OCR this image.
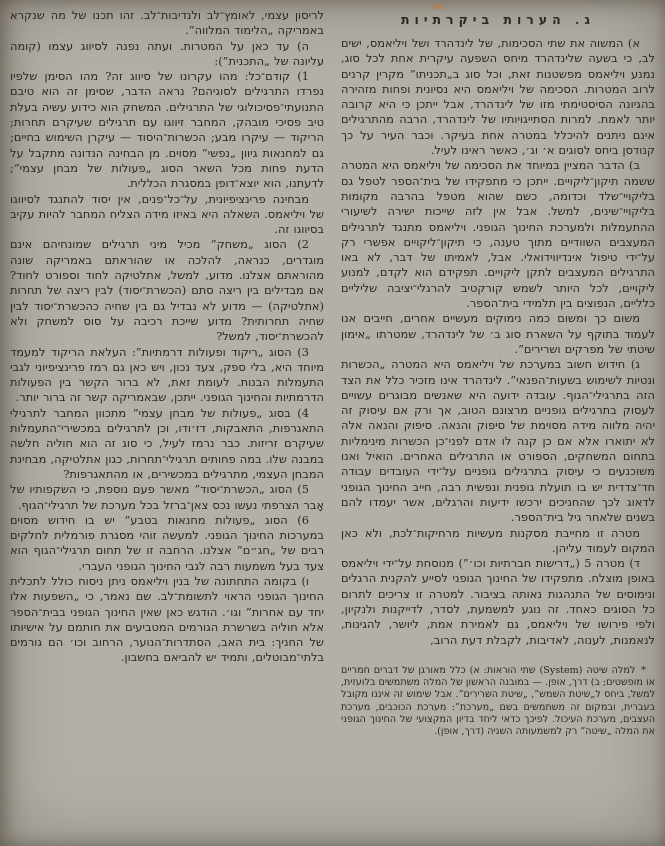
ג. הערות ביקרתיות

א) המשוה את שתי הסכימות, של לינדהרד ושל ויליאמס, ישים לב, כי בשעה שלינדהרד מיחס השפעה עיקרית אחת לכל סוג, נמנע ויליאמס מפשטנות זאת, וכל סוג ב„תכניתו” מקרין קרנים לרוב המטרות. הסכימה של ויליאמס היא נסיונית ופחות מזהירה בהגיונה הסיסטימתי מזו של לינדהרד, אבל ייתכן כי היא קרובה יותר לאמת. למרות הסתייגויותיו של לינדהרד, הרבה מהתרגילים אינם ניתנים להיכלל במטרה אחת בעיקר. וכבר העיר על כך קנודסן ביחס לסוגים א׳ וג׳, כאשר ראינו לעיל.

ב) הדבר המציין במיוחד את הסכימה של ויליאמס היא המטרה ששמה תיקון־ליקויים. ייתכן כי מתפקידו של בית־הספר לטפל גם בליקויי־שלד וכדומה, כשם שהוא מטפל בהרבה מקומות בליקויי־שינים, למשל. אבל אין לזה שייכות ישירה לשיעורי ההתעמלות ולמערכת החינוך הגופני. ויליאמס מתנגד לתרגילים המעצבים השוודיים מתוך טענה, כי תיקון־ליקויים אפשרי רק על־ידי טיפול אינדיווידואלי. אבל, לאמיתו של דבר, לא באו התרגילים המעצבים לתקן ליקויים. תפקידם הוא לקדם, למנוע ליקויים, לכל היותר לשמש קורקטיב להרגלי־יציבה שליליים כלליים, הנפוצים בין תלמידי בית־הספר.

משום כך ומשום כמה נימוקים מעשיים אחרים, חייבים אנו לעמוד בתוקף על השארת סוג ב׳ של לינדהרד, שמטרתו „אימון שיטתי של מפרקים ושרירים”.

ג) חידוש חשוב במערכת של ויליאמס היא המטרה „הכשרות ונטיות לשימוש בשעות־הפנאי”. לינדהרד אינו מזכיר כלל את הצד הזה בתרגילי־הגוף. עובדה ידועה היא שאנשים מבוגרים עשויים לעסוק בתרגילים גופניים מרצונם הטוב, אך ורק אם עיסוק זה יהיה מלווה מידה מסוימת של סיפוק והנאה. סיפוק והנאה אלה לא יתוארו אלא אם כן קנה לו אדם לפני־כן הכשרות מינימליות בתחום המשחקים, הספורט או התרגילים האחרים. הואיל ואנו משוכנעים כי עיסוק בתרגילים גופניים על־ידי העובדים עבודה חד־צדדית יש בו תועלת גופנית ונפשית רבה, חייב החינוך הגופני לדאוג לכך שהחניכים ירכשו ידיעות והרגלים, אשר יעמדו להם בשנים שלאחר גיל בית־הספר.

מטרה זו מחייבת מסקנות מעשיות מרחיקות־לכת, ולא כאן המקום לעמוד עליהן.

ד) מטרה 5 („דרישות חברתיות וכו׳”) מנוסחת על־ידי ויליאמס באופן מוצלח. מתפקידו של החינוך הגופני לסייע להקנית הרגלים ונימוסים של התנהגות נאותה בציבור. למטרה זו צריכים לתרום כל הסוגים כאחד. זה נוגע למשמעת, לסדר, לדייקנות ולנקיון, ולפי פירושו של ויליאמס, גם לאמירת אמת, ליושר, להגינות, לנאמנות, לענוה, לאדיבות, לקבלת דעת הרוב,

* למלה שיטה (System) שתי הוראות: א) כלל מאורגן של דברים חמריים או מופשטים; ב) דרך, אופן. — במובנה הראשון של המלה משתמשים בלועזית, למשל, ביחס ל„שיטת השמש”, „שיטת השרירים”. אבל שימוש זה איננו מקובל בעברית, ובמקום זה משתמשים בשם „מערכת”: מערכת הכוכבים, מערכת העצבים, מערכת העיכול. לפיכך כדאי ליחד בדיון המקצועי של החינוך הגופני את המלה „שיטה” רק למשמעותה השניה (דרך, אופן).

לריסון עצמי, לאומץ־לב ולנדיבות־לב. זהו תכנו של מה שנקרא באמריקה „הלימוד המלווה”.

ה) עד כאן על המטרות. ועתה נפנה לסיווג עצמו (קומה עליונה של „התכנית”):

1) קודם־כל: מהו עקרונו של סיווג זה? מהו הסימן שלפיו נפרדו התרגילים לסוגיהם? נראה הדבר, שסימן זה הוא טיבם התנועתי־פסיכולוגי של התרגילים. המשחק הוא כידוע עשיה בעלת טיב פסיכי מובהק, המחבר זיווגו עם תרגילים שעיקרם תחרות; הריקוד — עיקרו מבע; הכשרות־היסוד — עיקרן השימוש בחיים; גם למחנאות גיוון „נפשי” מסוים. מן הבחינה הנדונה מתקבל על הדעת פחות מכל השאר הסוג „פעולות של מבחן עצמי”; לדעתנו, הוא יוצא־דופן במסגרת הכללית.

מבחינה פרינציפיונית, על־כל־פנים, אין יסוד להתנגד לסיווגו של ויליאמס. השאלה היא באיזו מידה הצליח המחבר להיות עקיב בסיווגו זה.

2) הסוג „משחק” מכיל מיני תרגילים שמונחיהם אינם מוגדרים, כנראה, להלכה או שהוראתם באמריקה שונה מהוראתם אצלנו. מדוע, למשל, אתלטיקה לחוד וספורט לחוד? אם מבדילים בין ריצה סתם (הכשרת־יסוד) לבין ריצה של תחרות (אתלטיקה) — מדוע לא נבדיל גם בין שחיה כהכשרת־יסוד לבין שחיה תחרותית? מדוע שייכת רכיבה על סוס למשחק ולא להכשרת־יסוד, למשל?

3) הסוג „ריקוד ופעולות דרמתיות”: העלאת הריקוד למעמד מיוחד היא, בלי ספק, צעד נכון, ויש כאן גם רמז פרינציפיוני לגבי התעמלות הבנות. לעומת זאת, לא ברור הקשר בין הפעולות הדרמתיות והחינוך הגופני. ייתכן, שבאמריקה קשר זה ברור יותר.

4) בסוג „פעולות של מבחן עצמי” מתכוון המחבר לתרגילי התאגרפות, התאבקות, דז׳ודו, וכן לתרגילים במכשירי־התעמלות שעיקרם זריזות. כבר נרמז לעיל, כי סוג זה הוא חוליה חלשה במבנה שלו. במה פחותים תרגילי־תחרות, כגון אתלטיקה, מבחינת המבחן העצמי, מתרגילים במכשירים, או מהתאגרפות?

5) הסוג „הכשרת־יסוד” מאשר פעם נוספת, כי השקפותיו של אָבר הצרפתי נעשו נכס צאן־ברזל בכל מערכת של תרגילי־הגוף.

6) הסוג „פעולות מחנאות בטבע” יש בו חידוש מסוים במערכות החינוך הגופני. למעשה זוהי מסגרת פורמלית לחלקים רבים של „חג״ם” אצלנו. הרחבה זו של תחום תרגילי־הגוף הוא צעד בעל משמעות רבה לגבי החינוך הגופני העברי.

ו) בקומה התחתונה של בנין ויליאמס ניתן ניסוח כולל לתכלית החינוך הגופני הראוי לתשומת־לב. שם נאמר, כי „השפעות אלו יחד עם אחרות” וגו׳. הודגש כאן שאין החינוך הגופני בבית־הספר אלא חוליה בשרשרת הגורמים המטביעים את חותמם על אישיותו של החניך: בית האב, הסתדרות־הנוער, הרחוב וכו׳ הם גורמים בלתי־מבוטלים, ותמיד יש להביאם בחשבון.
